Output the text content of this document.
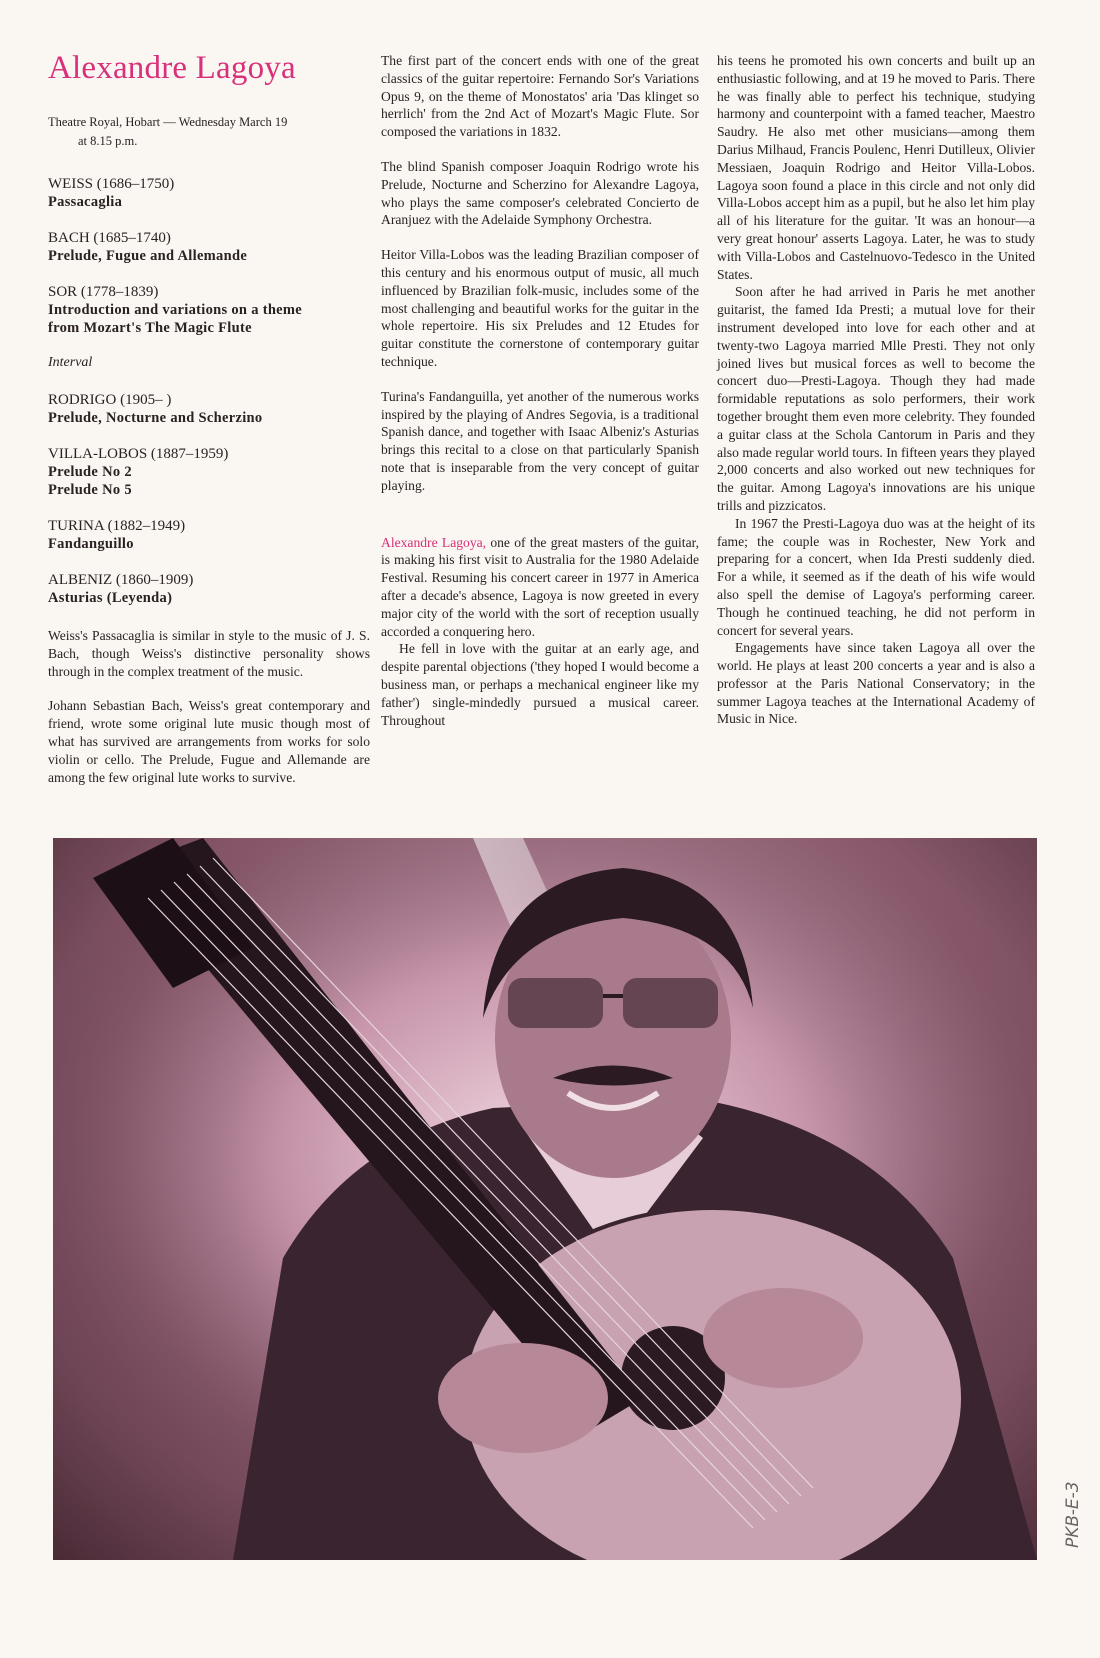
Alexandre Lagoya
Theatre Royal, Hobart — Wednesday March 19
at 8.15 p.m.
WEISS (1686–1750)
Passacaglia
BACH (1685–1740)
Prelude, Fugue and Allemande
SOR (1778–1839)
Introduction and variations on a theme
from Mozart's The Magic Flute
Interval
RODRIGO (1905– )
Prelude, Nocturne and Scherzino
VILLA-LOBOS (1887–1959)
Prelude No 2
Prelude No 5
TURINA (1882–1949)
Fandanguillo
ALBENIZ (1860–1909)
Asturias (Leyenda)

Weiss's Passacaglia is similar in style to the music of J. S. Bach, though Weiss's distinctive personality shows through in the complex treatment of the music.

Johann Sebastian Bach, Weiss's great contemporary and friend, wrote some original lute music though most of what has survived are arrangements from works for solo violin or cello. The Prelude, Fugue and Allemande are among the few original lute works to survive.

The first part of the concert ends with one of the great classics of the guitar repertoire: Fernando Sor's Variations Opus 9, on the theme of Monostatos' aria 'Das klinget so herrlich' from the 2nd Act of Mozart's Magic Flute. Sor composed the variations in 1832.

The blind Spanish composer Joaquin Rodrigo wrote his Prelude, Nocturne and Scherzino for Alexandre Lagoya, who plays the same composer's celebrated Concierto de Aranjuez with the Adelaide Symphony Orchestra.

Heitor Villa-Lobos was the leading Brazilian composer of this century and his enormous output of music, all much influenced by Brazilian folk-music, includes some of the most challenging and beautiful works for the guitar in the whole repertoire. His six Preludes and 12 Etudes for guitar constitute the cornerstone of contemporary guitar technique.

Turina's Fandanguilla, yet another of the numerous works inspired by the playing of Andres Segovia, is a traditional Spanish dance, and together with Isaac Albeniz's Asturias brings this recital to a close on that particularly Spanish note that is inseparable from the very concept of guitar playing.

Alexandre Lagoya, one of the great masters of the guitar, is making his first visit to Australia for the 1980 Adelaide Festival. Resuming his concert career in 1977 in America after a decade's absence, Lagoya is now greeted in every major city of the world with the sort of reception usually accorded a conquering hero.

He fell in love with the guitar at an early age, and despite parental objections ('they hoped I would become a business man, or perhaps a mechanical engineer like my father') single-mindedly pursued a musical career. Throughout

his teens he promoted his own concerts and built up an enthusiastic following, and at 19 he moved to Paris. There he was finally able to perfect his technique, studying harmony and counterpoint with a famed teacher, Maestro Saudry. He also met other musicians—among them Darius Milhaud, Francis Poulenc, Henri Dutilleux, Olivier Messiaen, Joaquin Rodrigo and Heitor Villa-Lobos. Lagoya soon found a place in this circle and not only did Villa-Lobos accept him as a pupil, but he also let him play all of his literature for the guitar. 'It was an honour—a very great honour' asserts Lagoya. Later, he was to study with Villa-Lobos and Castelnuovo-Tedesco in the United States.

Soon after he had arrived in Paris he met another guitarist, the famed Ida Presti; a mutual love for their instrument developed into love for each other and at twenty-two Lagoya married Mlle Presti. They not only joined lives but musical forces as well to become the concert duo—Presti-Lagoya. Though they had made formidable reputations as solo performers, their work together brought them even more celebrity. They founded a guitar class at the Schola Cantorum in Paris and they also made regular world tours. In fifteen years they played 2,000 concerts and also worked out new techniques for the guitar. Among Lagoya's innovations are his unique trills and pizzicatos.

In 1967 the Presti-Lagoya duo was at the height of its fame; the couple was in Rochester, New York and preparing for a concert, when Ida Presti suddenly died. For a while, it seemed as if the death of his wife would also spell the demise of Lagoya's performing career. Though he continued teaching, he did not perform in concert for several years.

Engagements have since taken Lagoya all over the world. He plays at least 200 concerts a year and is also a professor at the Paris National Conservatory; in the summer Lagoya teaches at the International Academy of Music in Nice.

PKB-E-3
